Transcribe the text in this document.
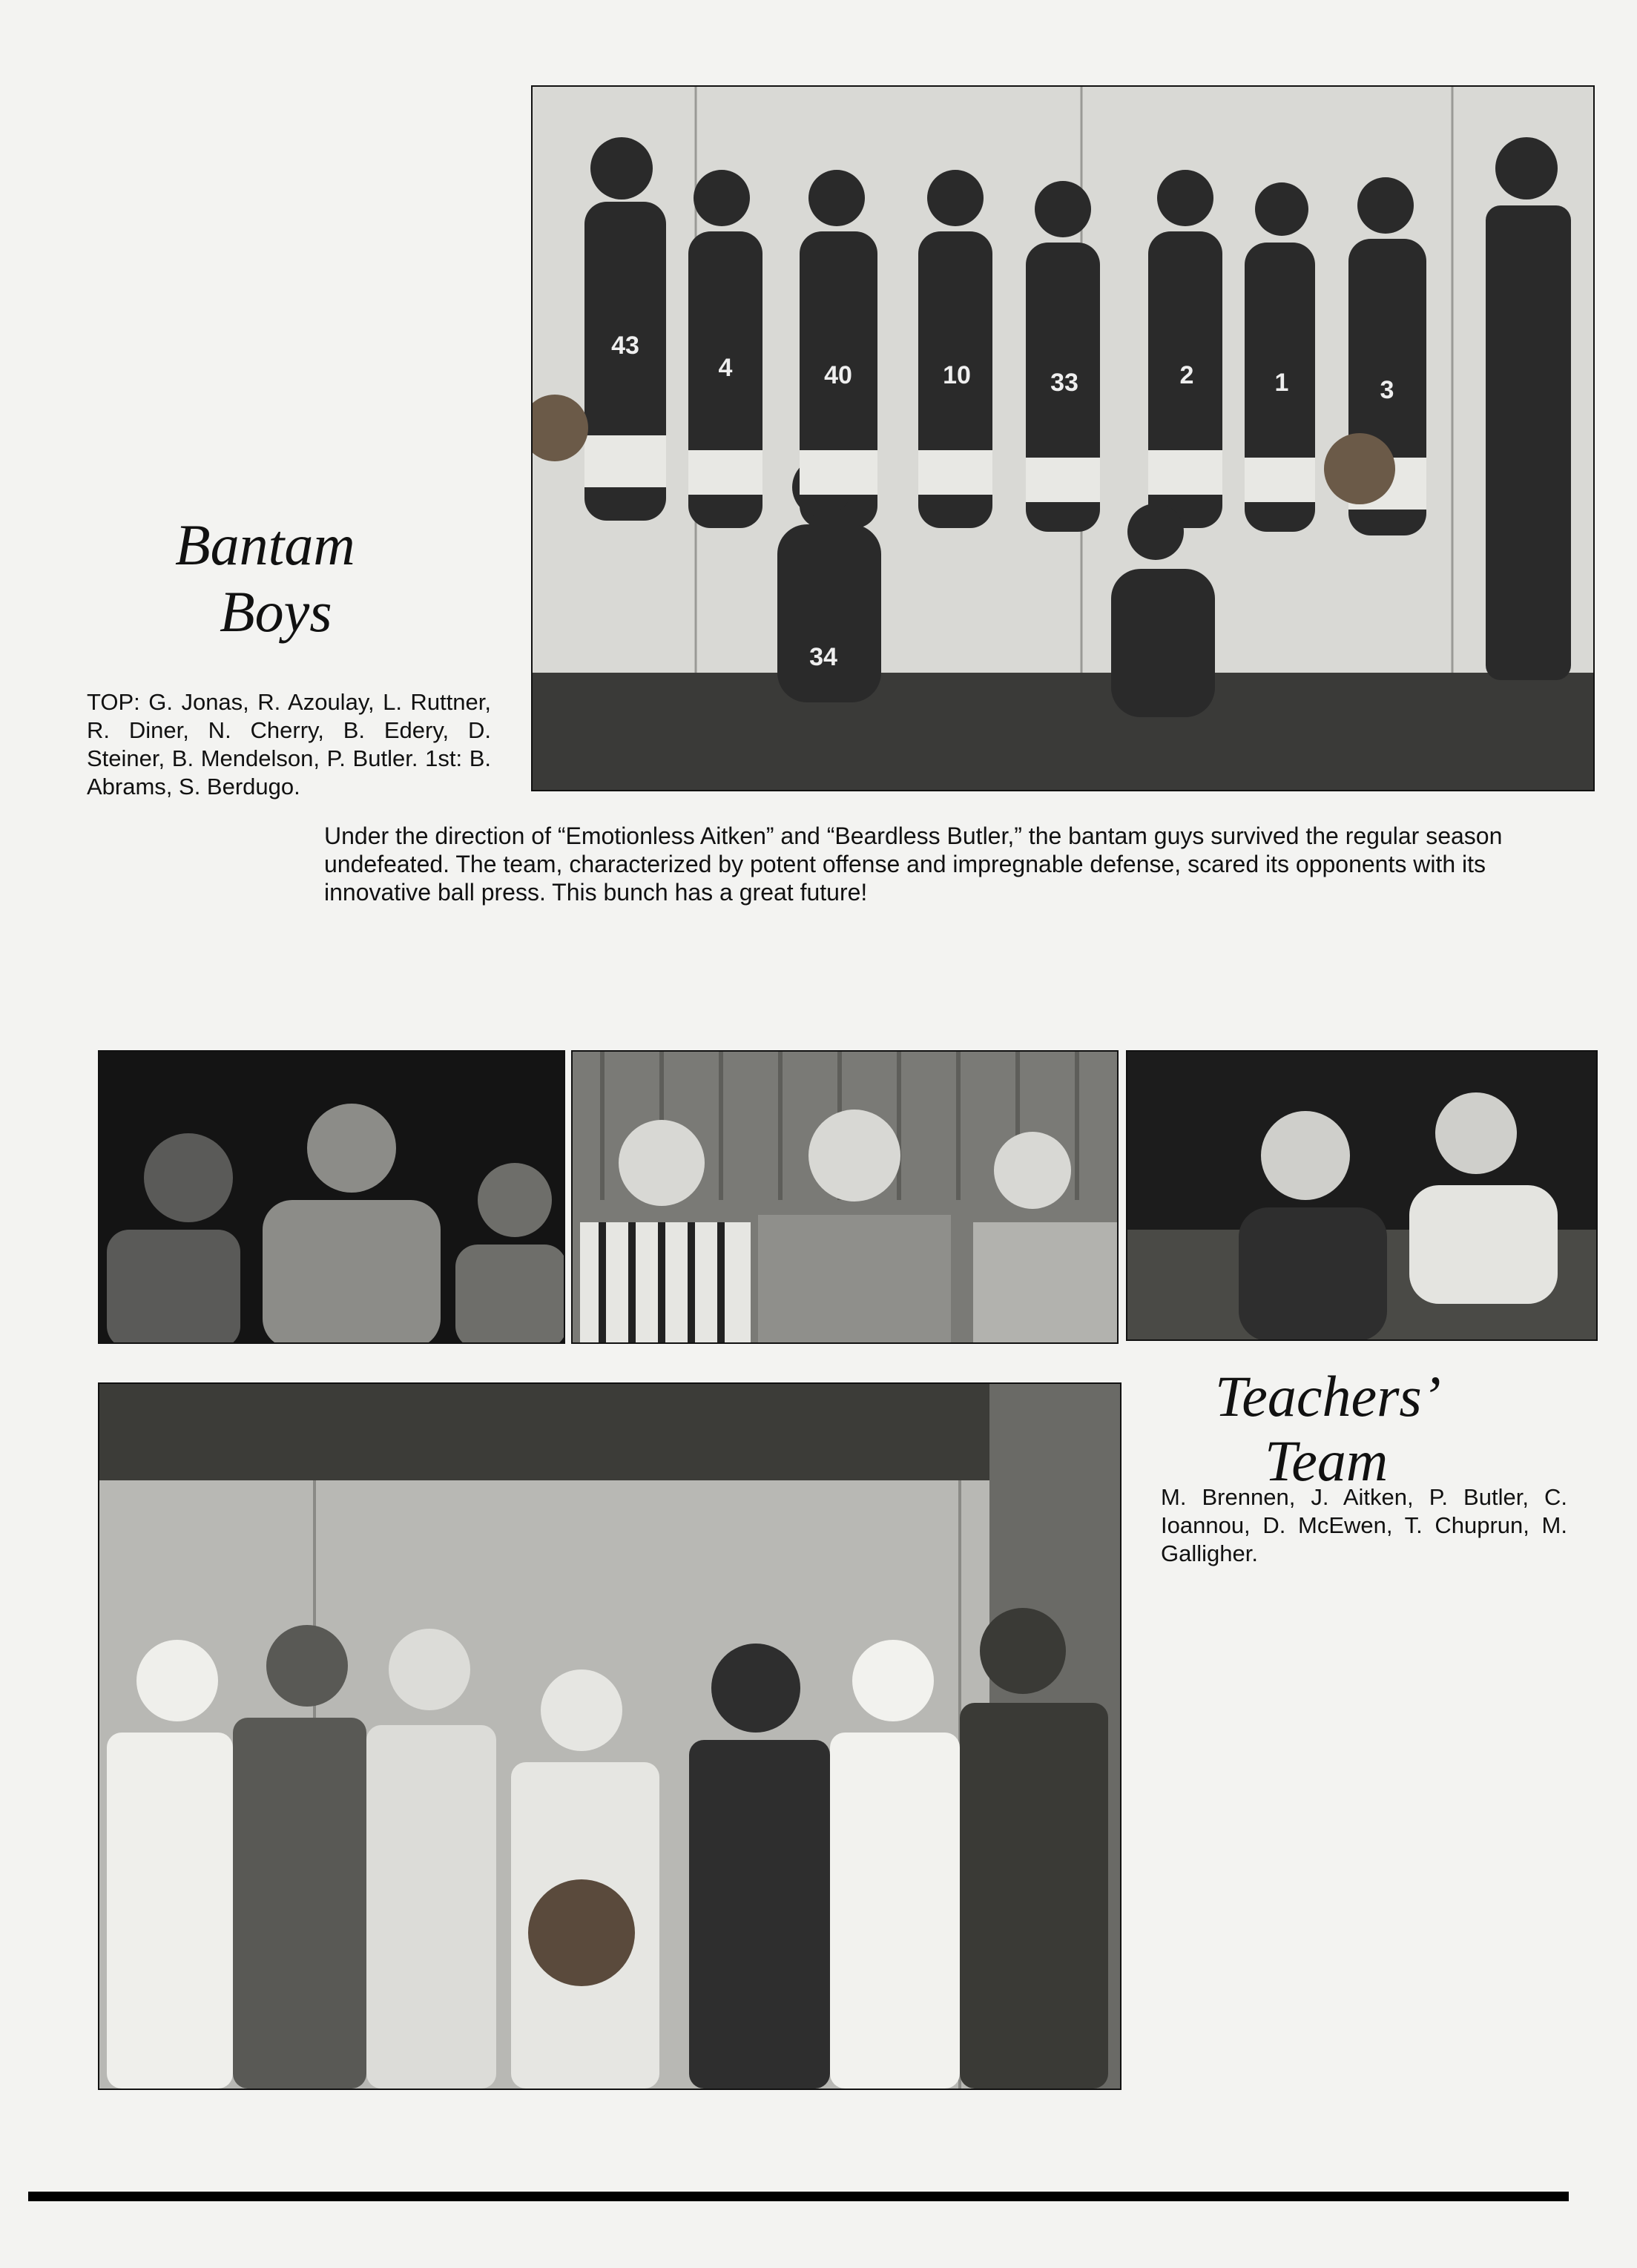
43
4	40	10	33	2	1	3
34
Bantam
Boys

TOP: G. Jonas, R. Azoulay, L. Ruttner, R. Diner, N. Cherry, B. Edery, D. Steiner, B. Mendelson, P. Butler. 1st: B. Abrams, S. Berdugo.

Under the direction of “Emotionless Aitken” and “Beardless Butler,” the bantam guys survived the regular season undefeated. The team, characterized by potent offense and impregnable defense, scared its opponents with its innovative ball press. This bunch has a great future!

Teachers’
Team

M. Brennen, J. Aitken, P. Butler, C. Ioannou, D. McEwen, T. Chuprun, M. Galligher.
